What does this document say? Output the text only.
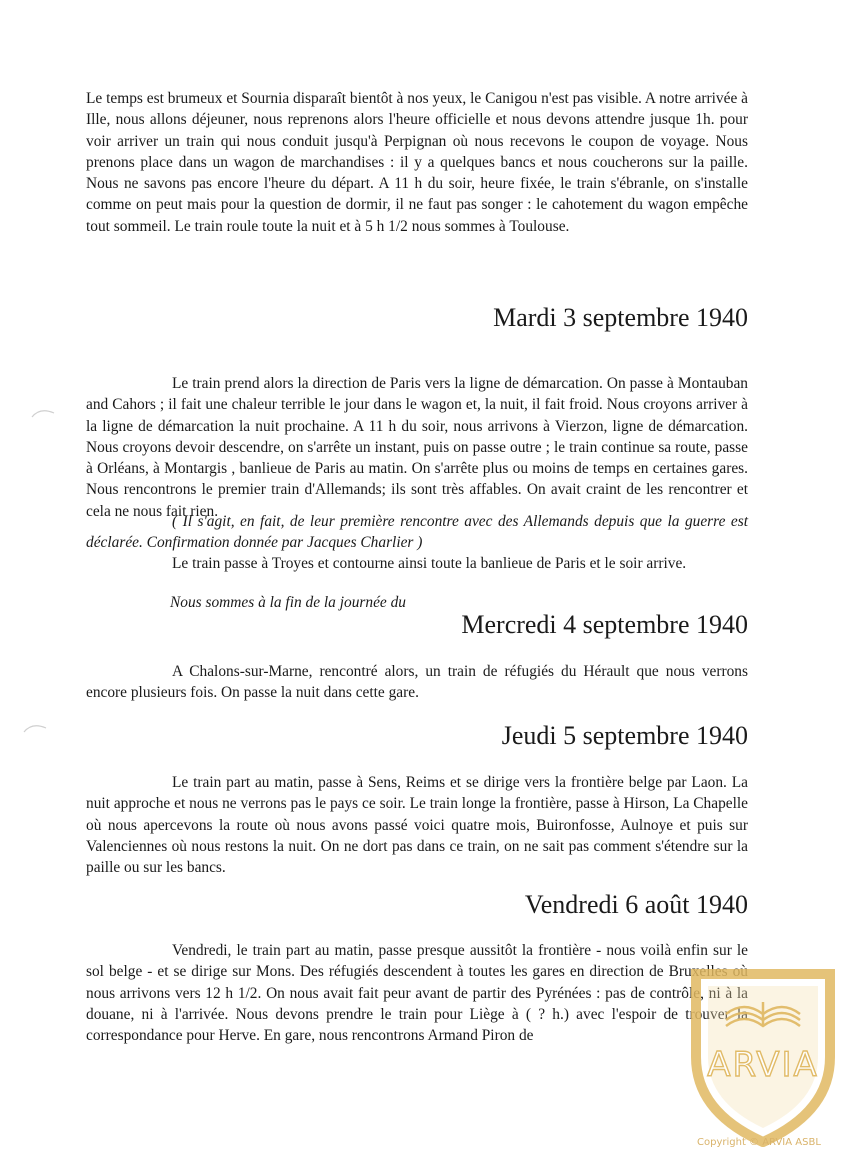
Le temps est brumeux et Sournia disparaît bientôt à nos yeux, le Canigou n'est pas visible. A notre arrivée à Ille, nous allons déjeuner, nous reprenons alors l'heure officielle et nous devons attendre jusque 1h. pour voir arriver un train qui nous conduit jusqu'à Perpignan où nous recevons le coupon de voyage. Nous prenons place dans un wagon de marchandises : il y a quelques bancs et nous coucherons sur la paille. Nous ne savons pas encore l'heure du départ. A 11 h du soir, heure fixée, le train s'ébranle, on s'installe comme on peut mais pour la question de dormir, il ne faut pas songer : le cahotement du wagon empêche tout sommeil. Le train roule toute la nuit et à 5 h 1/2 nous sommes à Toulouse.

Mardi 3 septembre 1940

Le train prend alors la direction de Paris vers la ligne de démarcation. On passe à Montauban and Cahors ; il fait une chaleur terrible le jour dans le wagon et, la nuit, il fait froid. Nous croyons arriver à la ligne de démarcation la nuit prochaine. A 11 h du soir, nous arrivons à Vierzon, ligne de démarcation. Nous croyons devoir descendre, on s'arrête un instant, puis on passe outre ; le train continue sa route, passe à Orléans, à Montargis , banlieue de Paris au matin. On s'arrête plus ou moins de temps en certaines gares. Nous rencontrons le premier train d'Allemands; ils sont très affables. On avait craint de les rencontrer et cela ne nous fait rien.

( Il s'agit, en fait, de leur première rencontre avec des Allemands depuis que la guerre est déclarée. Confirmation donnée par Jacques Charlier )

Le train passe à Troyes et contourne ainsi toute la banlieue de Paris et le soir arrive.

Nous sommes à la fin de la journée du

Mercredi 4 septembre 1940

A Chalons-sur-Marne, rencontré alors, un train de réfugiés du Hérault que nous verrons encore plusieurs fois. On passe la nuit dans cette gare.

Jeudi 5 septembre 1940

Le train part au matin, passe à Sens, Reims et se dirige vers la frontière belge par Laon. La nuit approche et nous ne verrons pas le pays ce soir. Le train longe la frontière, passe à Hirson, La Chapelle où nous apercevons la route où nous avons passé voici quatre mois, Buironfosse, Aulnoye et puis sur Valenciennes où nous restons la nuit. On ne dort pas dans ce train, on ne sait pas comment s'étendre sur la paille ou sur les bancs.

Vendredi 6 août 1940

Vendredi, le train part au matin, passe presque aussitôt la frontière - nous voilà enfin sur le sol belge - et se dirige sur Mons. Des réfugiés descendent à toutes les gares en direction de Bruxelles où nous arrivons vers 12 h 1/2. On nous avait fait peur avant de partir des Pyrénées : pas de contrôle, ni à la douane, ni à l'arrivée. Nous devons prendre le train pour Liège à ( ? h.) avec l'espoir de trouver la correspondance pour Herve. En gare, nous rencontrons Armand Piron de

ARVIA
Copyright © ARVIA ASBL
